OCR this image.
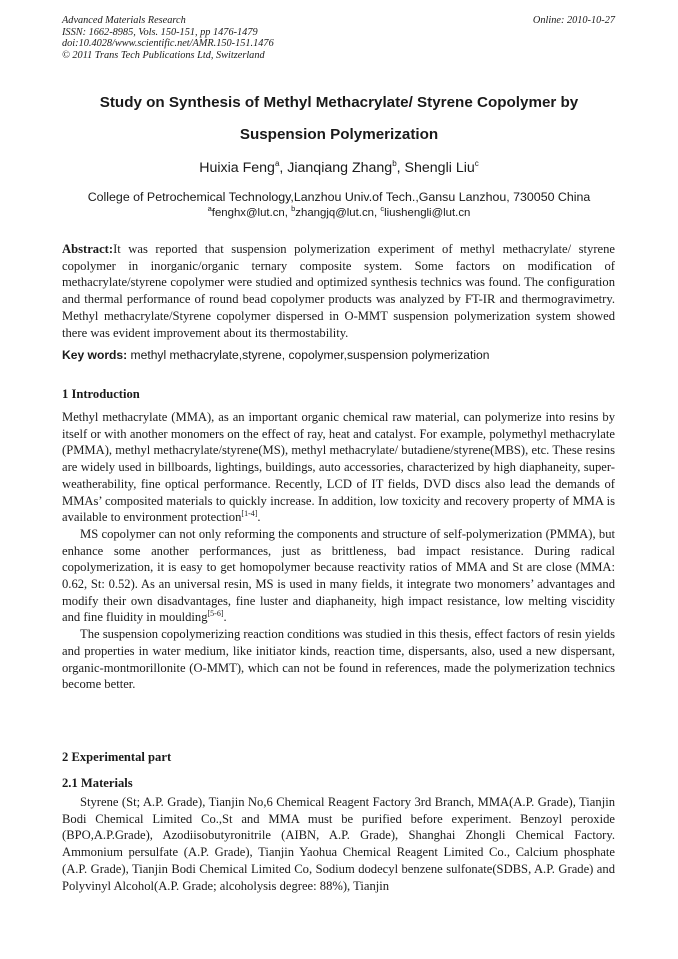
Advanced Materials Research
ISSN: 1662-8985, Vols. 150-151, pp 1476-1479
doi:10.4028/www.scientific.net/AMR.150-151.1476
© 2011 Trans Tech Publications Ltd, Switzerland
Online: 2010-10-27
Study on Synthesis of Methyl Methacrylate/ Styrene Copolymer by
Suspension Polymerization
Huixia Feng$^a$, Jianqiang Zhang$^b$, Shengli Liu$^c$
College of Petrochemical Technology,Lanzhou Univ.of Tech.,Gansu Lanzhou, 730050 China
$^a$fenghx@lut.cn, $^b$zhangjq@lut.cn, $^c$liushengli@lut.cn

Abstract:It was reported that suspension polymerization experiment of methyl methacrylate/ styrene copolymer in inorganic/organic ternary composite system. Some factors on modification of methacrylate/styrene copolymer were studied and optimized synthesis technics was found. The configuration and thermal performance of round bead copolymer products was analyzed by FT-IR and thermogravimetry. Methyl methacrylate/Styrene copolymer dispersed in O-MMT suspension polymerization system showed there was evident improvement about its thermostability.

Key words: methyl methacrylate,styrene, copolymer,suspension polymerization
1 Introduction

Methyl methacrylate (MMA), as an important organic chemical raw material, can polymerize into resins by itself or with another monomers on the effect of ray, heat and catalyst. For example, polymethyl methacrylate (PMMA), methyl methacrylate/styrene(MS), methyl methacrylate/ butadiene/styrene(MBS), etc. These resins are widely used in billboards, lightings, buildings, auto accessories, characterized by high diaphaneity, super-weatherability, fine optical performance. Recently, LCD of IT fields, DVD discs also lead the demands of MMAs’ composited materials to quickly increase. In addition, low toxicity and recovery property of MMA is available to environment protection[1-4].

MS copolymer can not only reforming the components and structure of self-polymerization (PMMA), but enhance some another performances, just as brittleness, bad impact resistance. During radical copolymerization, it is easy to get homopolymer because reactivity ratios of MMA and St are close (MMA: 0.62, St: 0.52). As an universal resin, MS is used in many fields, it integrate two monomers’ advantages and modify their own disadvantages, fine luster and diaphaneity, high impact resistance, low melting viscidity and fine fluidity in moulding[5-6].

The suspension copolymerizing reaction conditions was studied in this thesis, effect factors of resin yields and properties in water medium, like initiator kinds, reaction time, dispersants, also, used a new dispersant, organic-montmorillonite (O-MMT), which can not be found in references, made the polymerization technics become better.

2 Experimental part
2.1 Materials

Styrene (St; A.P. Grade), Tianjin No,6 Chemical Reagent Factory 3rd Branch, MMA(A.P. Grade), Tianjin Bodi Chemical Limited Co.,St and MMA must be purified before experiment. Benzoyl peroxide (BPO,A.P.Grade), Azodiisobutyronitrile (AIBN, A.P. Grade), Shanghai Zhongli Chemical Factory. Ammonium persulfate (A.P. Grade), Tianjin Yaohua Chemical Reagent Limited Co., Calcium phosphate (A.P. Grade), Tianjin Bodi Chemical Limited Co, Sodium dodecyl benzene sulfonate(SDBS, A.P. Grade) and Polyvinyl Alcohol(A.P. Grade; alcoholysis degree: 88%), Tianjin
